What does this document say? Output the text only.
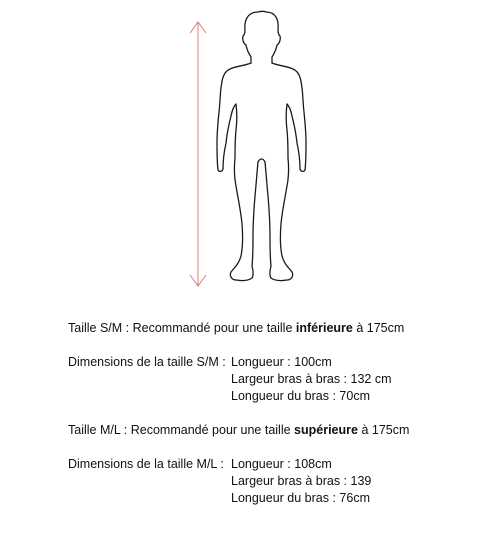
Taille S/M : Recommandé pour une taille inférieure à 175cm
Dimensions de la taille S/M :Longueur : 100cm
Largeur bras à bras : 132 cm
Longueur du bras : 70cm
Taille M/L : Recommandé pour une taille supérieure à 175cm
Dimensions de la taille M/L :Longueur : 108cm
Largeur bras à bras : 139
Longueur du bras : 76cm
